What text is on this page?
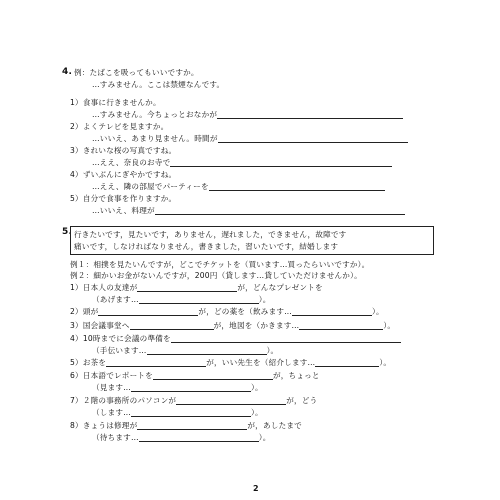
4. 例：たばこを吸ってもいいですか。
…すみません。ここは禁煙なんです。
1）食事に行きませんか。
…すみません。今ちょっとおなかが
2）よくテレビを見ますか。
…いいえ、あまり見ません。時間が
3）きれいな桜の写真ですね。
…ええ、奈良のお寺で
4）ずいぶんにぎやかですね。
…ええ、隣の部屋でパーティーを
5）自分で食事を作りますか。
…いいえ、料理が
5. 行きたいです，見たいです，ありません，遅れました，できません，故障です
痛いです，しなければなりません，書きました，習いたいです，結婚します
例１：相撲を見たいんですが，どこでチケットを（買います…買ったらいいですか）。
例２：細かいお金がないんですが，200円（貸します…貸していただけませんか）。
1）日本人の友達が	が，どんなプレゼントを
（あげます…	）。
2）頭が	が，どの薬を（飲みます…	）。
3）国会議事堂へ	が，地図を（かきます…	）。
4）10時までに会議の準備を
（手伝います…	）。
5）お茶を	が，いい先生を（紹介します…	）。
6）日本語でレポートを	が，ちょっと
（見ます…	）。
7）２階の事務所のパソコンが	が，どう
（します…	）。
8）きょうは修理が	が，あしたまで
（待ちます…	）。
2
